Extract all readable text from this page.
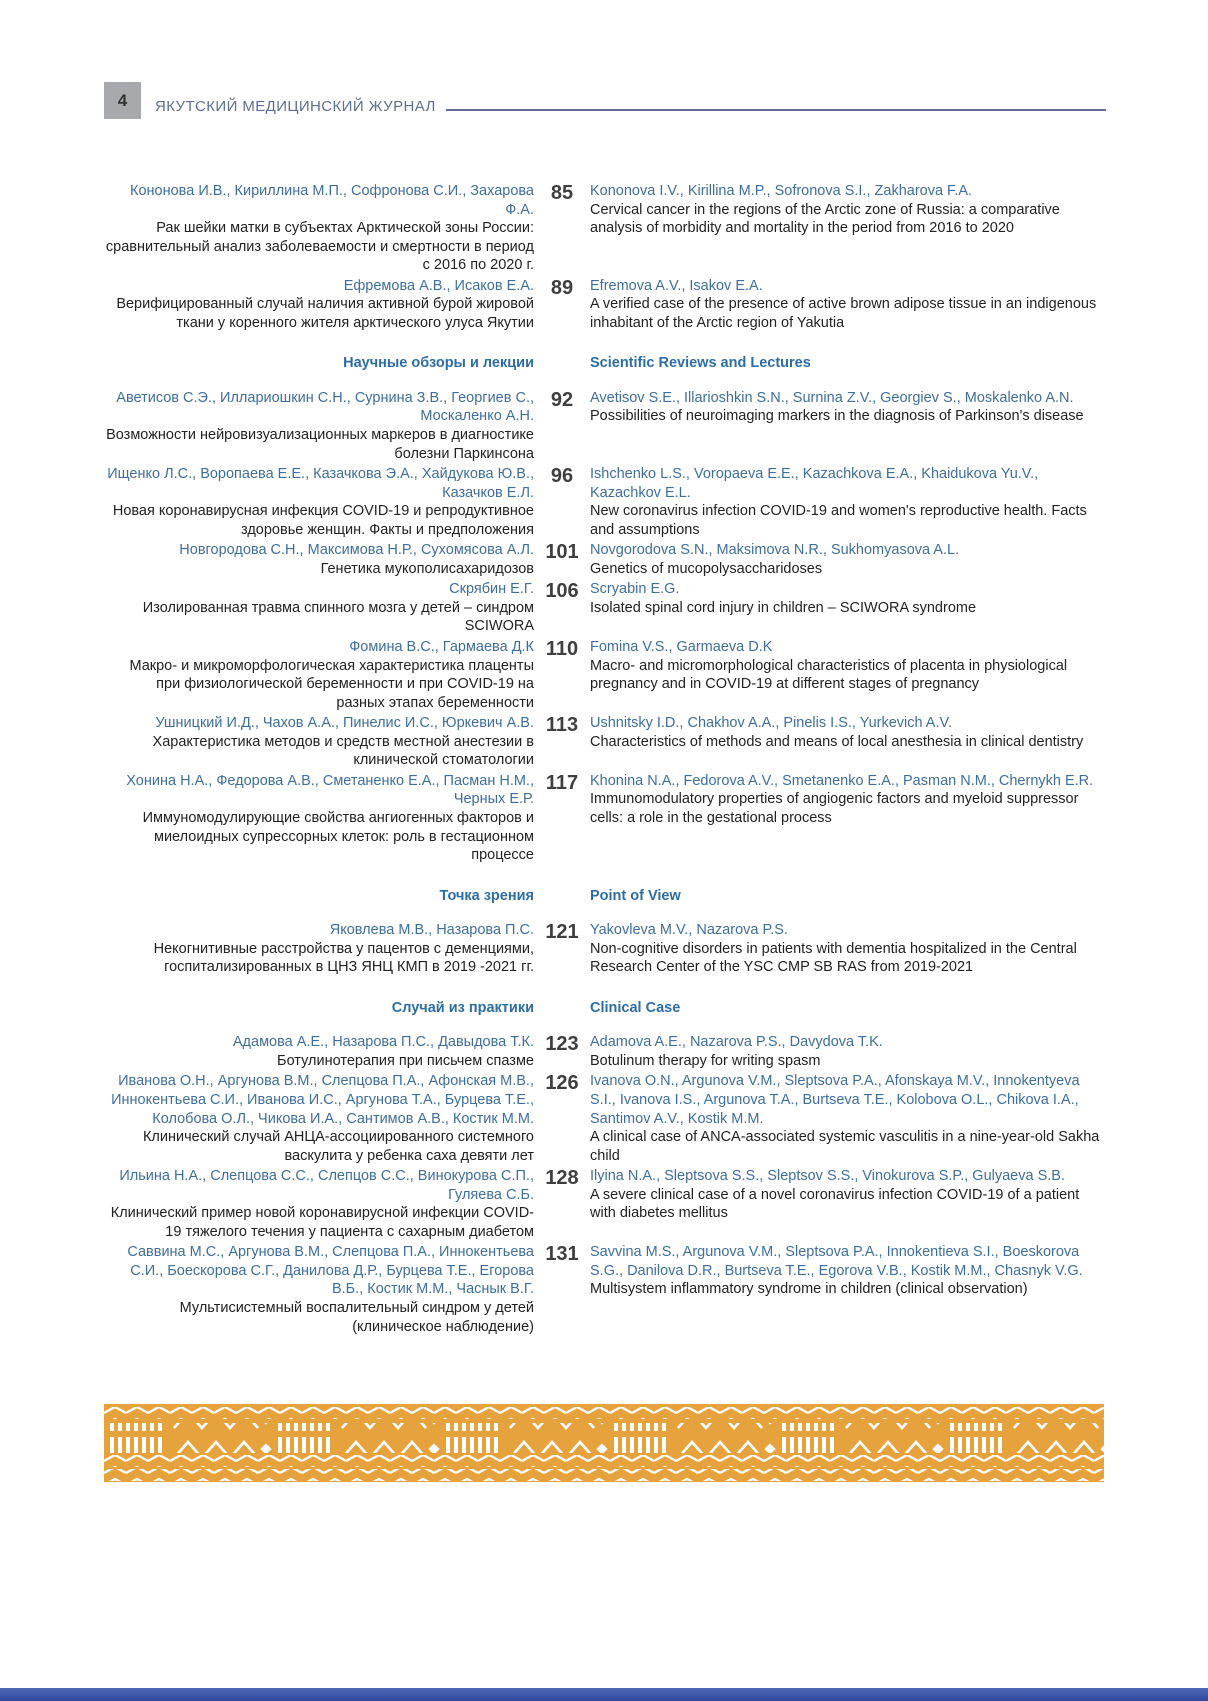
4	ЯКУТСКИЙ МЕДИЦИНСКИЙ ЖУРНАЛ
Кононова И.В., Кириллина М.П., Софронова С.И., Захарова Ф.А.
Рак шейки матки в субъектах Арктической зоны России: сравнительный анализ заболеваемости и смертности в период с 2016 по 2020 г.
85	Kononova I.V., Kirillina M.P., Sofronova S.I., Zakharova F.A.
Cervical cancer in the regions of the Arctic zone of Russia: a comparative analysis of morbidity and mortality in the period from 2016 to 2020
Ефремова А.В., Исаков Е.А.
Верифицированный случай наличия активной бурой жировой ткани у коренного жителя арктического улуса Якутии
89	Efremova A.V., Isakov E.A.
A verified case of the presence of active brown adipose tissue in an indigenous inhabitant of the Arctic region of Yakutia
Научные обзоры и лекции	Scientific Reviews and Lectures
Аветисов С.Э., Иллариошкин С.Н., Сурнина З.В., Георгиев С., Москаленко А.Н.
Возможности нейровизуализационных маркеров в диагностике болезни Паркинсона
92	Avetisov S.E., Illarioshkin S.N., Surnina Z.V., Georgiev S., Moskalenko A.N.
Possibilities of neuroimaging markers in the diagnosis of Parkinson's disease
Ищенко Л.С., Воропаева Е.Е., Казачкова Э.А., Хайдукова Ю.В., Казачков Е.Л.
Новая коронавирусная инфекция COVID-19 и репродуктивное здоровье женщин. Факты и предположения
96	Ishchenko L.S., Voropaeva E.E., Kazachkova E.A., Khaidukova Yu.V., Kazachkov E.L.
New coronavirus infection COVID-19 and women's reproductive health. Facts and assumptions
Новгородова С.Н., Максимова Н.Р., Сухомясова А.Л.
Генетика мукополисахаридозов
101 Novgorodova S.N., Maksimova N.R., Sukhomyasova A.L.
Genetics of mucopolysaccharidoses
Скрябин Е.Г.
Изолированная травма спинного мозга у детей – синдром SCIWORA
106 Scryabin E.G.
Isolated spinal cord injury in children – SCIWORA syndrome
Фомина В.С., Гармаева Д.К
Макро- и микроморфологическая характеристика плаценты при физиологической беременности и при COVID-19 на разных этапах беременности
110 Fomina V.S., Garmaeva D.K
Macro- and micromorphological characteristics of placenta in physiological pregnancy and in COVID-19 at different stages of pregnancy
Ушницкий И.Д., Чахов А.А., Пинелис И.С., Юркевич А.В.
Характеристика методов и средств местной анестезии в клинической стоматологии
113 Ushnitsky I.D., Chakhov A.A., Pinelis I.S., Yurkevich A.V.
Characteristics of methods and means of local anesthesia in clinical dentistry
Хонина Н.А., Федорова А.В., Сметаненко Е.А., Пасман Н.М., Черных Е.Р.
Иммуномодулирующие свойства ангиогенных факторов и миелоидных супрессорных клеток: роль в гестационном процессе
117 Khonina N.A., Fedorova A.V., Smetanenko E.A., Pasman N.M., Chernykh E.R.
Immunomodulatory properties of angiogenic factors and myeloid suppressor cells: a role in the gestational process
Точка зрения	Point of View
Яковлева М.В., Назарова П.С.
Некогнитивные расстройства у пацентов с деменциями, госпитализированных в ЦНЗ ЯНЦ КМП в 2019 -2021 гг.
121 Yakovleva M.V., Nazarova P.S.
Non-cognitive disorders in patients with dementia hospitalized in the Central Research Center of the YSC CMP SB RAS from 2019-2021
Случай из практики	Clinical Case
Адамова А.Е., Назарова П.С., Давыдова Т.К.
Ботулинотерапия при письчем спазме
123 Adamova A.E., Nazarova P.S., Davydova T.K.
Botulinum therapy for writing spasm
Иванова О.Н., Аргунова В.М., Слепцова П.А., Афонская М.В., Иннокентьева С.И., Иванова И.С., Аргунова Т.А., Бурцева Т.Е., Колобова О.Л., Чикова И.А., Сантимов А.В., Костик М.М.
Клинический случай АНЦА-ассоциированного системного васкулита у ребенка саха девяти лет
126 Ivanova O.N., Argunova V.M., Sleptsova P.A., Afonskaya M.V., Innokentyeva S.I., Ivanova I.S., Argunova T.A., Burtseva T.E., Kolobova O.L., Chikova I.A., Santimov A.V., Kostik M.M.
A clinical case of ANCA-associated systemic vasculitis in a nine-year-old Sakha child
Ильина Н.А., Слепцова С.С., Слепцов С.С., Винокурова С.П., Гуляева С.Б.
Клинический пример новой коронавирусной инфекции COVID-19 тяжелого течения у пациента с сахарным диабетом
128 Ilyina N.A., Sleptsova S.S., Sleptsov S.S., Vinokurova S.P., Gulyaeva S.B.
A severe clinical case of a novel coronavirus infection COVID-19 of a patient with diabetes mellitus
Саввина М.С., Аргунова В.М., Слепцова П.А., Иннокентьева С.И., Боескорова С.Г., Данилова Д.Р., Бурцева Т.Е., Егорова В.Б., Костик М.М., Часнык В.Г.
Мультисистемный воспалительный синдром у детей (клиническое наблюдение)
131 Savvina M.S., Argunova V.M., Sleptsova P.A., Innokentieva S.I., Boeskorova S.G., Danilova D.R., Burtseva T.E., Egorova V.B., Kostik M.M., Chasnyk V.G.
Multisystem inflammatory syndrome in children (clinical observation)
